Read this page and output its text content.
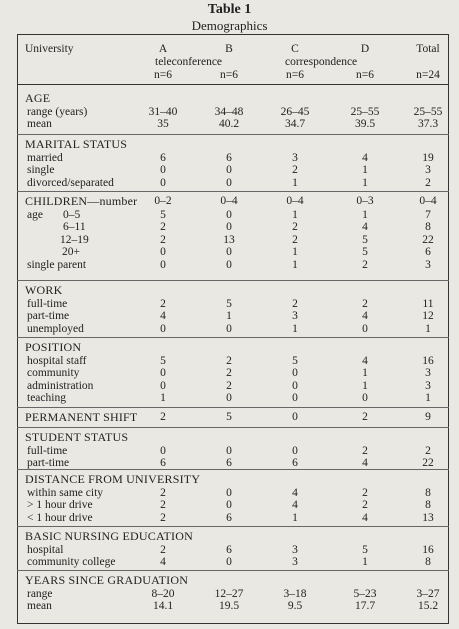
Table 1
Demographics
University	A	B	C	D	Total
teleconference	correspondence
n=6	n=6	n=6	n=6	n=24
AGE
range (years)	31–40	34–48	26–45	25–55	25–55
mean	35	40.2	34.7	39.5	37.3
MARITAL STATUS
married	6	6	3	4	19
single	0	0	2	1	3
divorced/separated	0	0	1	1	2
CHILDREN—number	0–2	0–4	0–4	0–3	0–4
age 0–5	5	0	1	1	7
6–11	2	0	2	4	8
12–19	2	13	2	5	22
20+	0	0	1	5	6
single parent	0	0	1	2	3
WORK
full-time	2	5	2	2	11
part-time	4	1	3	4	12
unemployed	0	0	1	0	1
POSITION
hospital staff	5	2	5	4	16
community	0	2	0	1	3
administration	0	2	0	1	3
teaching	1	0	0	0	1
PERMANENT SHIFT	2	5	0	2	9
STUDENT STATUS
full-time	0	0	0	2	2
part-time	6	6	6	4	22
DISTANCE FROM UNIVERSITY
within same city	2	0	4	2	8
> 1 hour drive	2	0	4	2	8
< 1 hour drive	2	6	1	4	13
BASIC NURSING EDUCATION
hospital	2	6	3	5	16
community college	4	0	3	1	8
YEARS SINCE GRADUATION
range	8–20	12–27	3–18	5–23	3–27
mean	14.1	19.5	9.5	17.7	15.2
